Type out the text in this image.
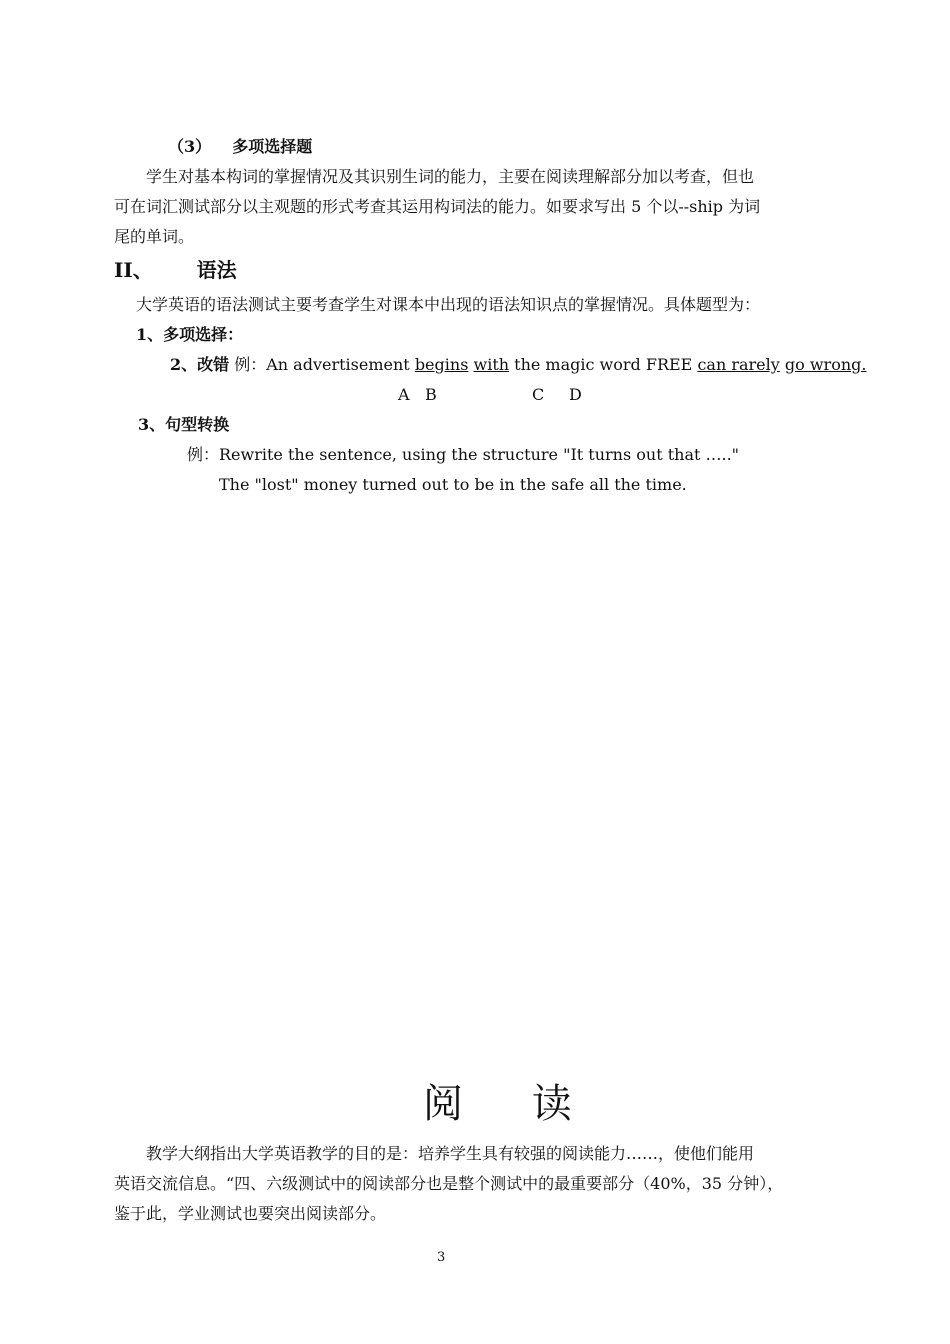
（3） 多项选择题
学生对基本构词的掌握情况及其识别生词的能力，主要在阅读理解部分加以考查，但也
可在词汇测试部分以主观题的形式考查其运用构词法的能力。如要求写出 5 个以--ship 为词
尾的单词。
II、 语法
大学英语的语法测试主要考查学生对课本中出现的语法知识点的掌握情况。具体题型为：
1、多项选择：
2、改错 例：An advertisement begins with the magic word FREE can rarely go wrong.
A B	C D
3、句型转换
例：Rewrite the sentence, using the structure "It turns out that ….."
The "lost" money turned out to be in the safe all the time.
阅 读
教学大纲指出大学英语教学的目的是：培养学生具有较强的阅读能力……，使他们能用
英语交流信息。“四、六级测试中的阅读部分也是整个测试中的最重要部分（40%，35 分钟），
鉴于此，学业测试也要突出阅读部分。
3
